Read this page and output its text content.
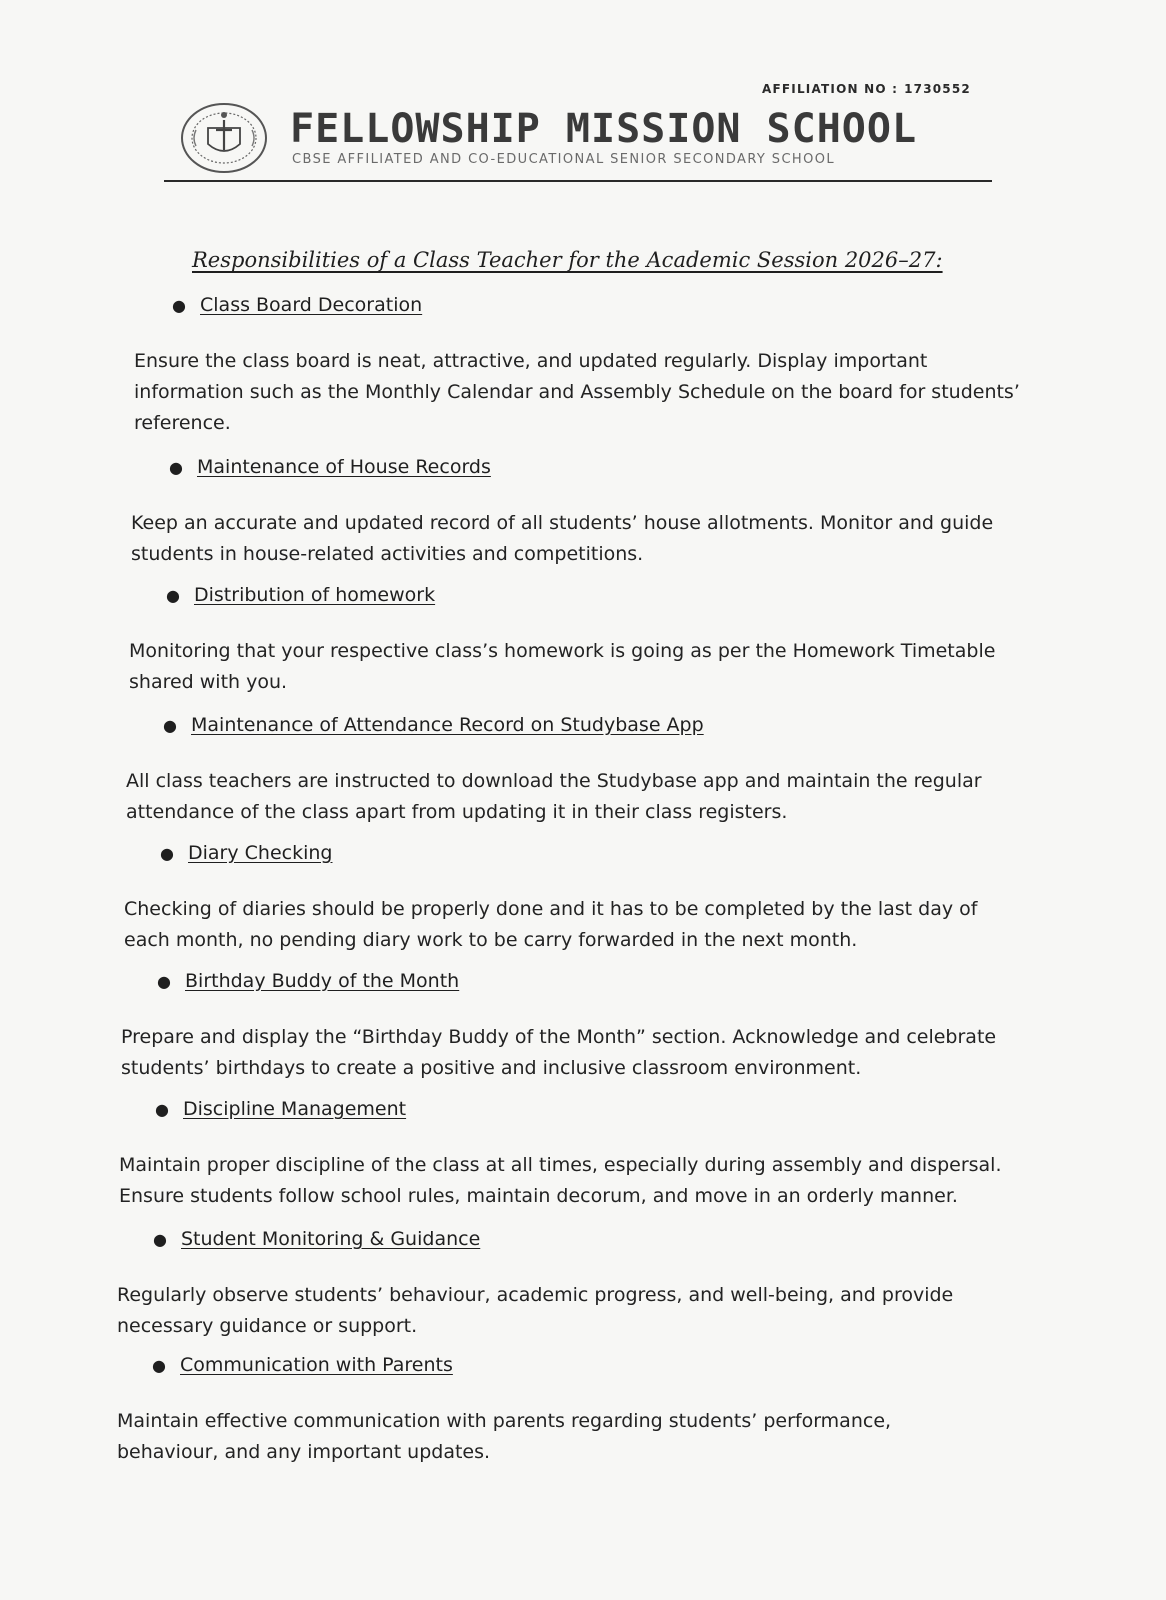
AFFILIATION NO : 1730552
FELLOWSHIP MISSION SCHOOL
CBSE AFFILIATED AND CO-EDUCATIONAL SENIOR SECONDARY SCHOOL
Responsibilities of a Class Teacher for the Academic Session 2026–27:
● Class Board Decoration
Ensure the class board is neat, attractive, and updated regularly. Display important information such as the Monthly Calendar and Assembly Schedule on the board for students’ reference.
● Maintenance of House Records
Keep an accurate and updated record of all students’ house allotments. Monitor and guide students in house-related activities and competitions.
● Distribution of homework
Monitoring that your respective class’s homework is going as per the Homework Timetable shared with you.
● Maintenance of Attendance Record on Studybase App
All class teachers are instructed to download the Studybase app and maintain the regular attendance of the class apart from updating it in their class registers.
● Diary Checking
Checking of diaries should be properly done and it has to be completed by the last day of each month, no pending diary work to be carry forwarded in the next month.
● Birthday Buddy of the Month
Prepare and display the “Birthday Buddy of the Month” section. Acknowledge and celebrate students’ birthdays to create a positive and inclusive classroom environment.
● Discipline Management
Maintain proper discipline of the class at all times, especially during assembly and dispersal. Ensure students follow school rules, maintain decorum, and move in an orderly manner.
● Student Monitoring & Guidance
Regularly observe students’ behaviour, academic progress, and well-being, and provide necessary guidance or support.
● Communication with Parents
Maintain effective communication with parents regarding students’ performance, behaviour, and any important updates.
